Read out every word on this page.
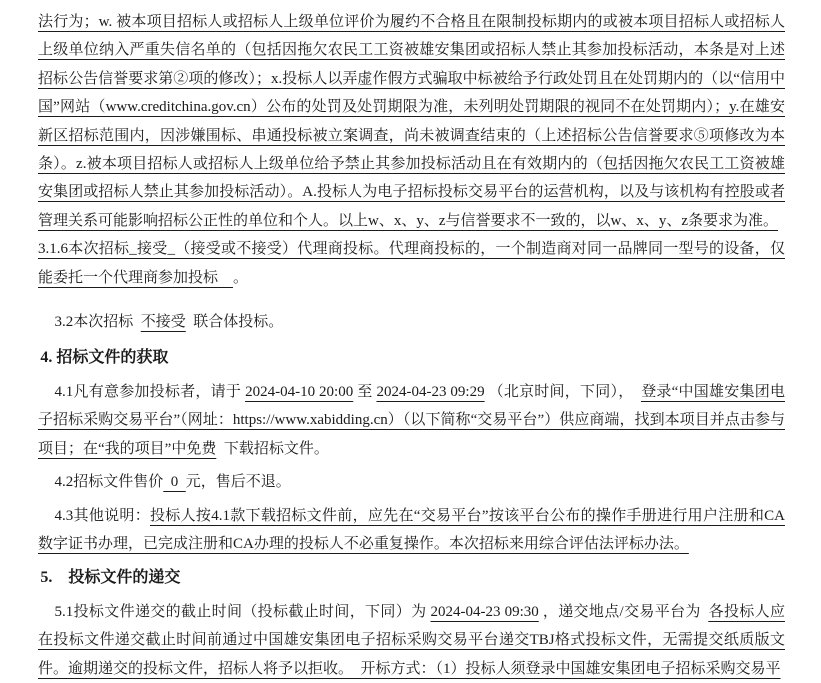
法行为；w. 被本项目招标人或招标人上级单位评价为履约不合格且在限制投标期内的或被本项目招标人或招标人上级单位纳入严重失信名单的（包括因拖欠农民工工资被雄安集团或招标人禁止其参加投标活动，本条是对上述招标公告信誉要求第②项的修改）；x.投标人以弄虚作假方式骗取中标被给予行政处罚且在处罚期内的（以“信用中国”网站（www.creditchina.gov.cn）公布的处罚及处罚期限为准，未列明处罚期限的视同不在处罚期内）；y.在雄安新区招标范围内，因涉嫌围标、串通投标被立案调查，尚未被调查结束的（上述招标公告信誉要求⑤项修改为本条）。z.被本项目招标人或招标人上级单位给予禁止其参加投标活动且在有效期内的（包括因拖欠农民工工资被雄安集团或招标人禁止其参加投标活动）。A.投标人为电子招标投标交易平台的运营机构，以及与该机构有控股或者管理关系可能影响招标公正性的单位和个人。以上w、x、y、z与信誉要求不一致的，以w、x、y、z条要求为准。

3.1.6本次招标_接受_（接受或不接受）代理商投标。代理商投标的，一个制造商对同一品牌同一型号的设备，仅能委托一个代理商参加投标　。

3.2本次招标 不接受 联合体投标。

4. 招标文件的获取

4.1凡有意参加投标者，请于 2024-04-10 20:00 至 2024-04-23 09:29 （北京时间，下同）， 登录“中国雄安集团电子招标采购交易平台”（网址：https://www.xabidding.cn）（以下简称“交易平台”）供应商端，找到本项目并点击参与项目；在“我的项目”中免费 下载招标文件。

4.2招标文件售价 0 元，售后不退。

4.3其他说明：投标人按4.1款下载招标文件前，应先在“交易平台”按该平台公布的操作手册进行用户注册和CA数字证书办理，已完成注册和CA办理的投标人不必重复操作。本次招标来用综合评估法评标办法。

5.　投标文件的递交

5.1投标文件递交的截止时间（投标截止时间，下同）为 2024-04-23 09:30 ，递交地点/交易平台为 各投标人应在投标文件递交截止时间前通过中国雄安集团电子招标采购交易平台递交TBJ格式投标文件，无需提交纸质版文件。逾期递交的投标文件，招标人将予以拒收。　开标方式：（1）投标人须登录中国雄安集团电子招标采购交易平
